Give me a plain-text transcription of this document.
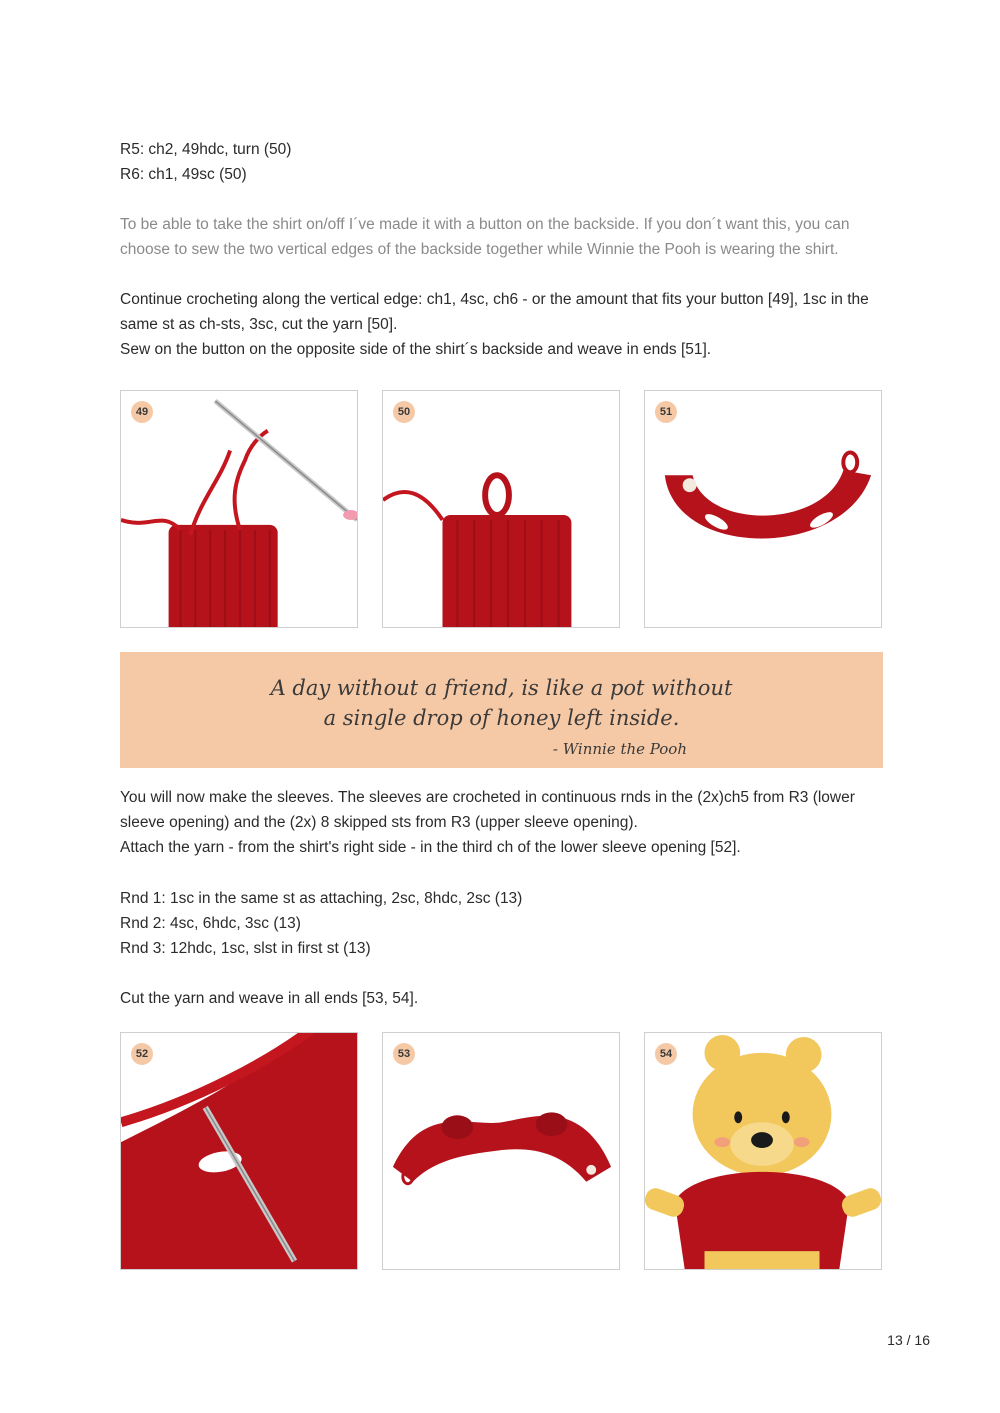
R5: ch2, 49hdc, turn (50)

R6: ch1, 49sc (50)

To be able to take the shirt on/off I´ve made it with a button on the backside. If you don´t want this, you can choose to sew the two vertical edges of the backside together while Winnie the Pooh is wearing the shirt.

Continue crocheting along the vertical edge: ch1, 4sc, ch6 - or the amount that fits your button [49], 1sc in the same st as ch-sts, 3sc, cut the yarn [50].

Sew on the button on the opposite side of the shirt´s backside and weave in ends [51].

49	50	51
A day without a friend, is like a pot without
a single drop of honey left inside.
- Winnie the Pooh

You will now make the sleeves. The sleeves are crocheted in continuous rnds in the (2x)ch5 from R3 (lower sleeve opening) and the (2x) 8 skipped sts from R3 (upper sleeve opening).

Attach the yarn - from the shirt's right side - in the third ch of the lower sleeve opening [52].

Rnd 1: 1sc in the same st as attaching, 2sc, 8hdc, 2sc (13)

Rnd 2: 4sc, 6hdc, 3sc (13)

Rnd 3: 12hdc, 1sc, slst in first st (13)

Cut the yarn and weave in all ends [53, 54].

52	53	54
13 / 16
